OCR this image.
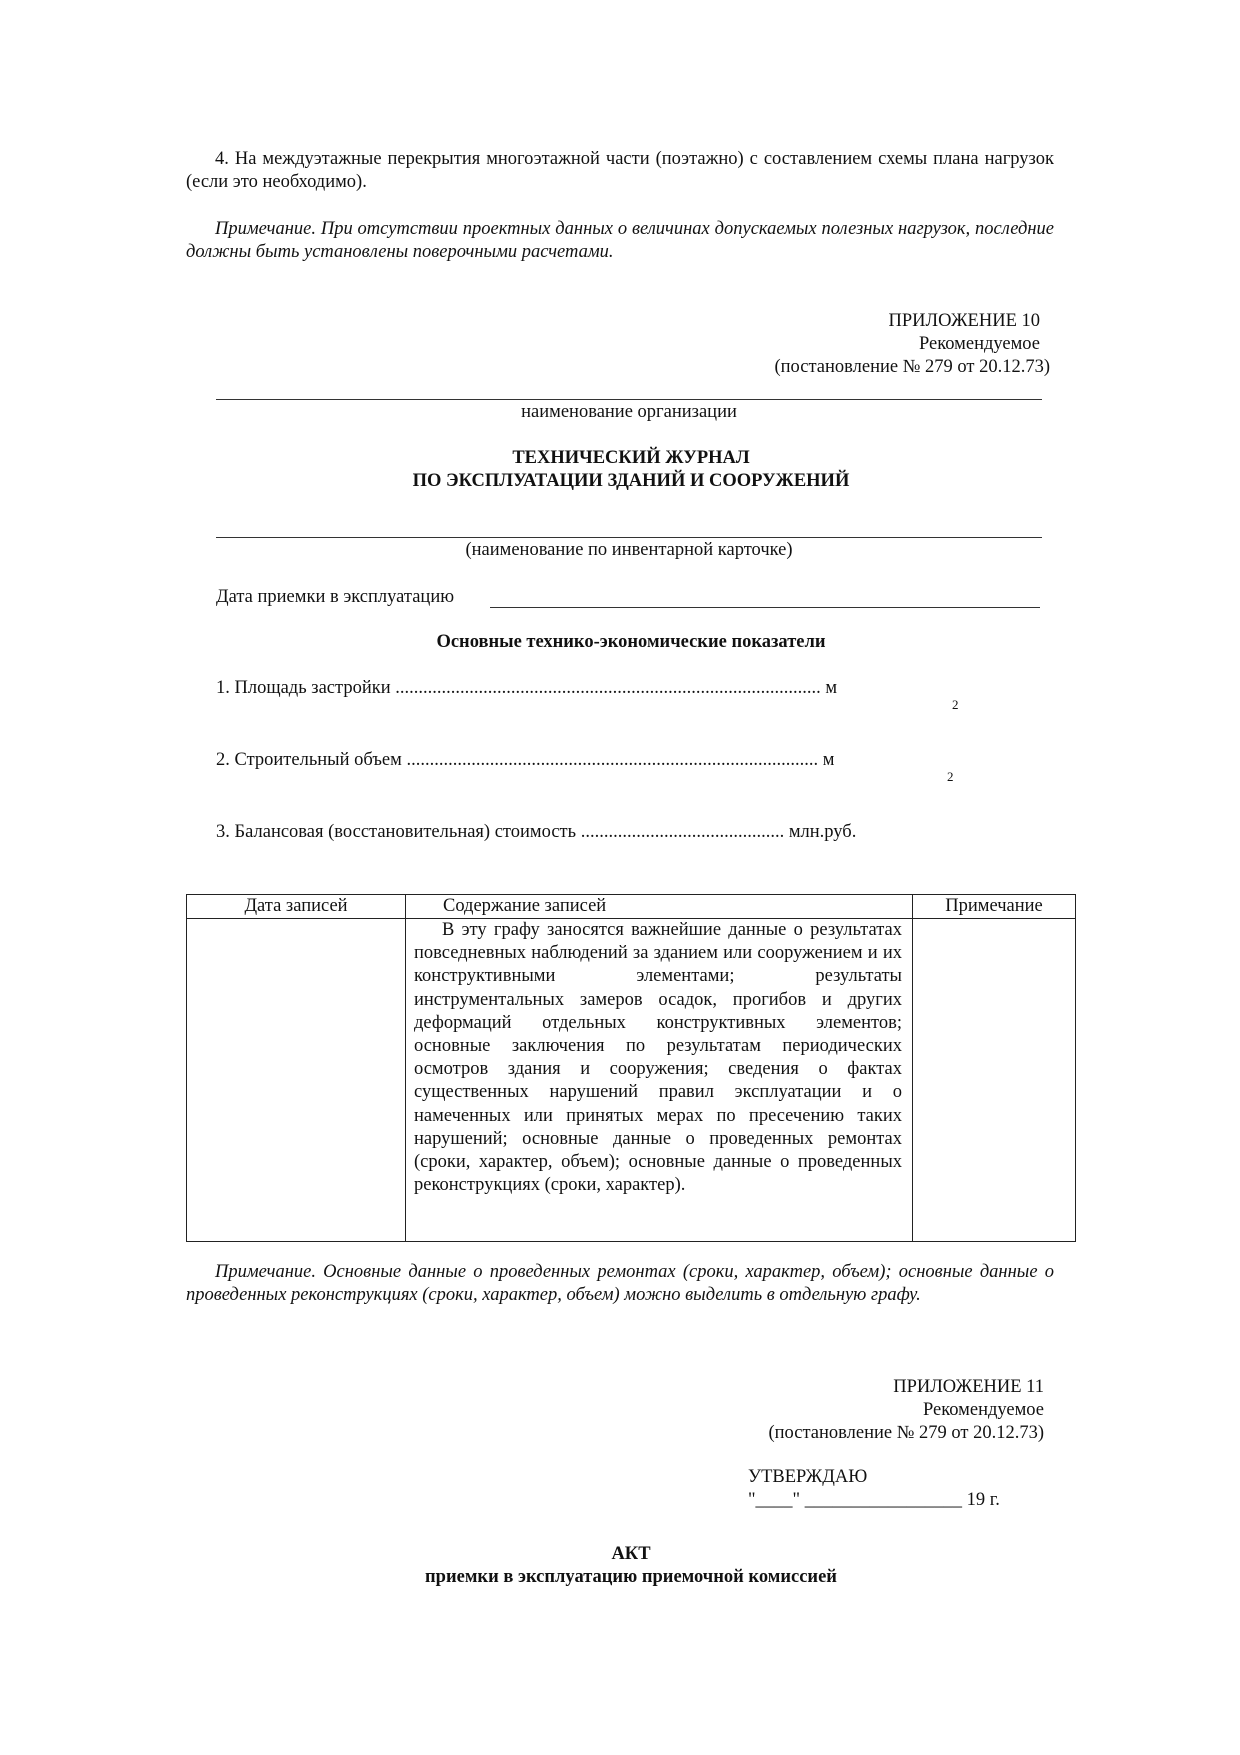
4. На междуэтажные перекрытия многоэтажной части (поэтажно) с составлением схемы плана нагрузок (если это необходимо).
Примечание. При отсутствии проектных данных о величинах допускаемых полезных нагрузок, последние должны быть установлены поверочными расчетами.
ПРИЛОЖЕНИЕ 10
Рекомендуемое
(постановление № 279 от 20.12.73)
наименование организации
ТЕХНИЧЕСКИЙ ЖУРНАЛ
ПО ЭКСПЛУАТАЦИИ ЗДАНИЙ И СООРУЖЕНИЙ
(наименование по инвентарной карточке)
Дата приемки в эксплуатацию
Основные технико-экономические показатели
1. Площадь застройки ............................................................................................ м
2
2. Строительный объем ......................................................................................... м
2
3. Балансовая (восстановительная) стоимость ............................................ млн.руб.
Дата записей	Содержание записей	Примечание

	В эту графу заносятся важнейшие данные о результатах повседневных наблюдений за зданием или сооружением и их конструктивными элементами; результаты инструментальных замеров осадок, прогибов и других деформаций отдельных конструктивных элементов; основные заключения по результатам периодических осмотров здания и сооружения; сведения о фактах существенных нарушений правил эксплуатации и о намеченных или принятых мерах по пресечению таких нарушений; основные данные о проведенных ремонтах (сроки, характер, объем); основные данные о проведенных реконструкциях (сроки, характер).	

Примечание. Основные данные о проведенных ремонтах (сроки, характер, объем); основные данные о проведенных реконструкциях (сроки, характер, объем) можно выделить в отдельную графу.
ПРИЛОЖЕНИЕ 11
Рекомендуемое
(постановление № 279 от 20.12.73)
УТВЕРЖДАЮ
"____" _________________ 19 г.
АКТ
приемки в эксплуатацию приемочной комиссией
